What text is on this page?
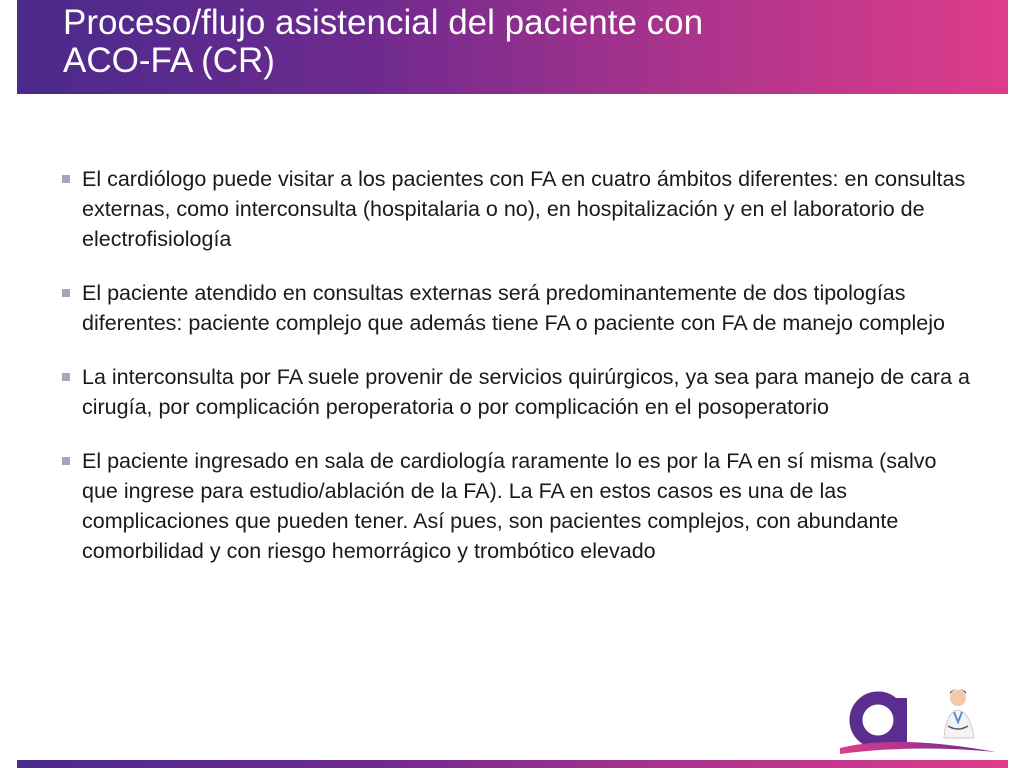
Proceso/flujo asistencial del paciente con
ACO-FA (CR)
El cardiólogo puede visitar a los pacientes con FA en cuatro ámbitos diferentes: en consultas externas, como interconsulta (hospitalaria o no), en hospitalización y en el laboratorio de electrofisiología
El paciente atendido en consultas externas será predominantemente de dos tipologías diferentes: paciente complejo que además tiene FA o paciente con FA de manejo complejo
La interconsulta por FA suele provenir de servicios quirúrgicos, ya sea para manejo de cara a cirugía, por complicación peroperatoria o por complicación en el posoperatorio
El paciente ingresado en sala de cardiología raramente lo es por la FA en sí misma (salvo que ingrese para estudio/ablación de la FA). La FA en estos casos es una de las complicaciones que pueden tener. Así pues, son pacientes complejos, con abundante comorbilidad y con riesgo hemorrágico y trombótico elevado
